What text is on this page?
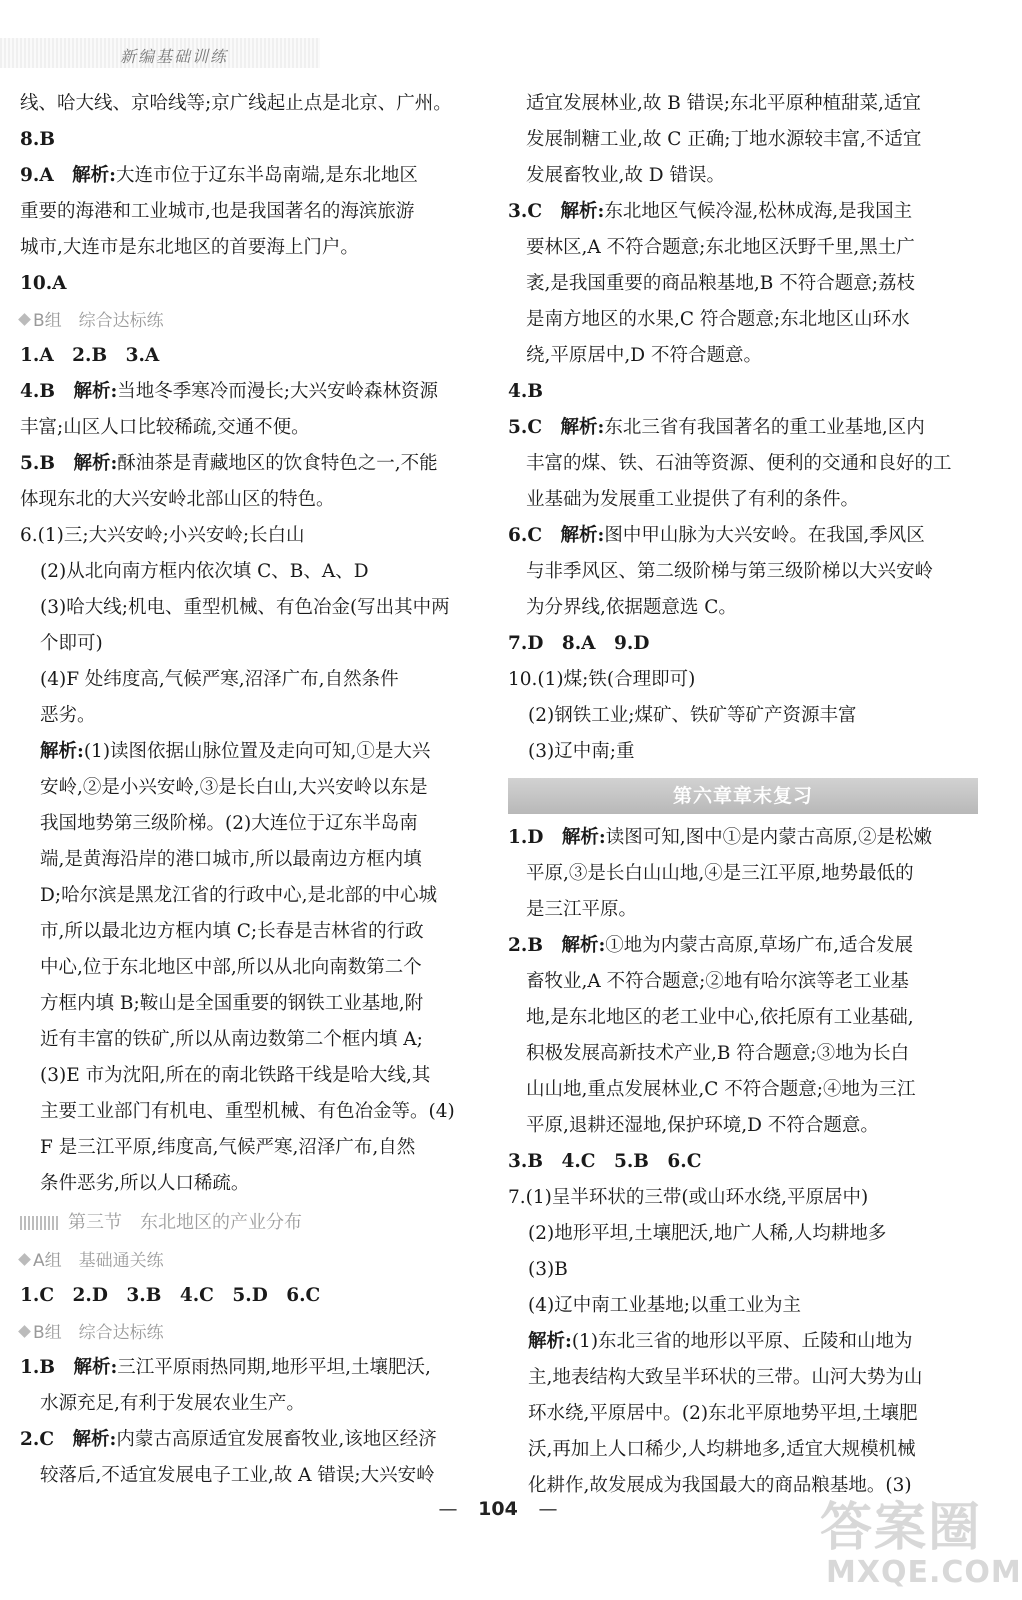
新编基础训练

线、哈大线、京哈线等;京广线起止点是北京、广州。

8.B

9.A　解析:大连市位于辽东半岛南端,是东北地区

重要的海港和工业城市,也是我国著名的海滨旅游

城市,大连市是东北地区的首要海上门户。

10.A

B组　综合达标练

1.A　2.B　3.A

4.B　解析:当地冬季寒冷而漫长;大兴安岭森林资源

丰富;山区人口比较稀疏,交通不便。

5.B　解析:酥油茶是青藏地区的饮食特色之一,不能

体现东北的大兴安岭北部山区的特色。

6.(1)三;大兴安岭;小兴安岭;长白山

(2)从北向南方框内依次填 C、B、A、D

(3)哈大线;机电、重型机械、有色冶金(写出其中两

个即可)

(4)F 处纬度高,气候严寒,沼泽广布,自然条件

恶劣。

解析:(1)读图依据山脉位置及走向可知,①是大兴

安岭,②是小兴安岭,③是长白山,大兴安岭以东是

我国地势第三级阶梯。(2)大连位于辽东半岛南

端,是黄海沿岸的港口城市,所以最南边方框内填

D;哈尔滨是黑龙江省的行政中心,是北部的中心城

市,所以最北边方框内填 C;长春是吉林省的行政

中心,位于东北地区中部,所以从北向南数第二个

方框内填 B;鞍山是全国重要的钢铁工业基地,附

近有丰富的铁矿,所以从南边数第二个框内填 A;

(3)E 市为沈阳,所在的南北铁路干线是哈大线,其

主要工业部门有机电、重型机械、有色冶金等。(4)

F 是三江平原,纬度高,气候严寒,沼泽广布,自然

条件恶劣,所以人口稀疏。

第三节　东北地区的产业分布
A组　基础通关练

1.C　2.D　3.B　4.C　5.D　6.C

B组　综合达标练

1.B　解析:三江平原雨热同期,地形平坦,土壤肥沃,

水源充足,有利于发展农业生产。

2.C　解析:内蒙古高原适宜发展畜牧业,该地区经济

较落后,不适宜发展电子工业,故 A 错误;大兴安岭

适宜发展林业,故 B 错误;东北平原种植甜菜,适宜

发展制糖工业,故 C 正确;丁地水源较丰富,不适宜

发展畜牧业,故 D 错误。

3.C　解析:东北地区气候冷湿,松林成海,是我国主

要林区,A 不符合题意;东北地区沃野千里,黑土广

袤,是我国重要的商品粮基地,B 不符合题意;荔枝

是南方地区的水果,C 符合题意;东北地区山环水

绕,平原居中,D 不符合题意。

4.B

5.C　解析:东北三省有我国著名的重工业基地,区内

丰富的煤、铁、石油等资源、便利的交通和良好的工

业基础为发展重工业提供了有利的条件。

6.C　解析:图中甲山脉为大兴安岭。在我国,季风区

与非季风区、第二级阶梯与第三级阶梯以大兴安岭

为分界线,依据题意选 C。

7.D　8.A　9.D

10.(1)煤;铁(合理即可)

(2)钢铁工业;煤矿、铁矿等矿产资源丰富

(3)辽中南;重

第六章章末复习

1.D　解析:读图可知,图中①是内蒙古高原,②是松嫩

平原,③是长白山山地,④是三江平原,地势最低的

是三江平原。

2.B　解析:①地为内蒙古高原,草场广布,适合发展

畜牧业,A 不符合题意;②地有哈尔滨等老工业基

地,是东北地区的老工业中心,依托原有工业基础,

积极发展高新技术产业,B 符合题意;③地为长白

山山地,重点发展林业,C 不符合题意;④地为三江

平原,退耕还湿地,保护环境,D 不符合题意。

3.B　4.C　5.B　6.C

7.(1)呈半环状的三带(或山环水绕,平原居中)

(2)地形平坦,土壤肥沃,地广人稀,人均耕地多

(3)B

(4)辽中南工业基地;以重工业为主

解析:(1)东北三省的地形以平原、丘陵和山地为

主,地表结构大致呈半环状的三带。山河大势为山

环水绕,平原居中。(2)东北平原地势平坦,土壤肥

沃,再加上人口稀少,人均耕地多,适宜大规模机械

化耕作,故发展成为我国最大的商品粮基地。(3)

— 104 —	答案圈
MXQE.COM
